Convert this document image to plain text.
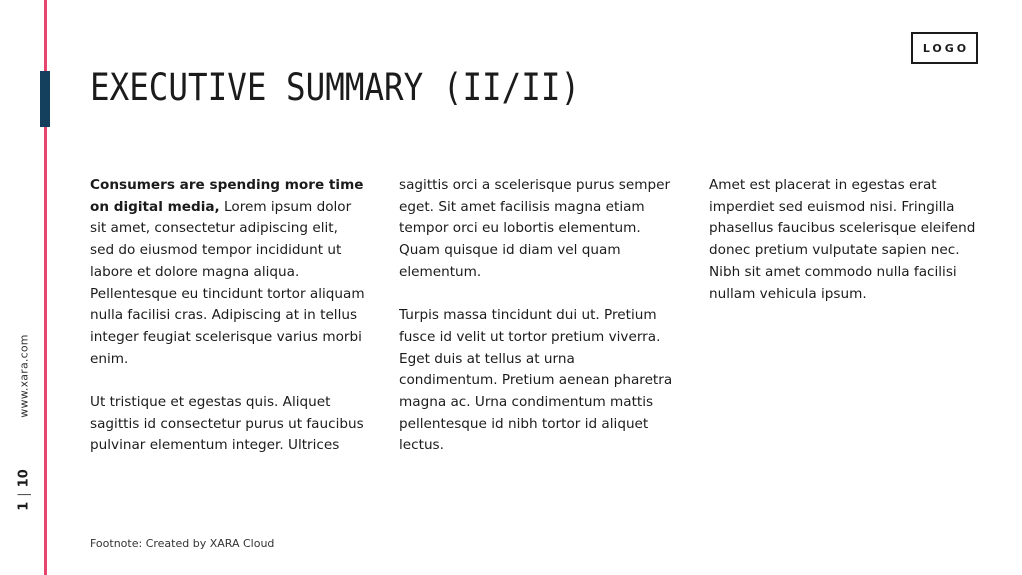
www.xara.com
1|10
LOGO
EXECUTIVE SUMMARY (II/II)

Consumers are spending more time on digital media, Lorem ipsum dolor sit amet, consectetur adipiscing elit, sed do eiusmod tempor incididunt ut labore et dolore magna aliqua. Pellentesque eu tincidunt tortor aliquam nulla facilisi cras. Adipiscing at in tellus integer feugiat scelerisque varius morbi enim.

Ut tristique et egestas quis. Aliquet sagittis id consectetur purus ut faucibus pulvinar elementum integer. Ultrices

sagittis orci a scelerisque purus semper eget. Sit amet facilisis magna etiam tempor orci eu lobortis elementum. Quam quisque id diam vel quam elementum.

Turpis massa tincidunt dui ut. Pretium fusce id velit ut tortor pretium viverra. Eget duis at tellus at urna condimentum. Pretium aenean pharetra magna ac. Urna condimentum mattis pellentesque id nibh tortor id aliquet lectus.

Amet est placerat in egestas erat imperdiet sed euismod nisi. Fringilla phasellus faucibus scelerisque eleifend donec pretium vulputate sapien nec. Nibh sit amet commodo nulla facilisi nullam vehicula ipsum.

Footnote: Created by XARA Cloud
